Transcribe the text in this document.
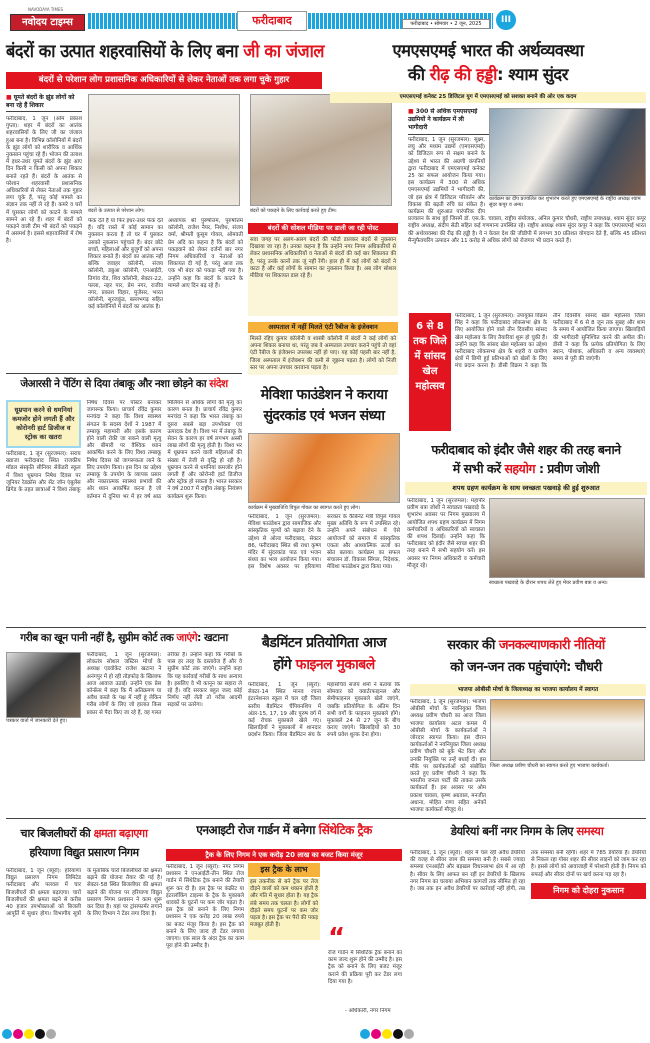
नवोदय टाइम्स
NAVODAYA TIMES
फरीदाबाद	फरीदाबाद • सोमवार • 2 जून, 2025	III
बंदरों का उत्पात शहरवासियों के लिए बना जी का जंजाल
बंदरों से परेशान लोग प्रशासनिक अधिकारियों से लेकर नेताओं तक लगा चुके गुहार
■ घूमते बंदरों के झुंड लोगों को बना रहे हैं शिकार
फरीदाबाद, 1 जून (ओम प्रकाश गुप्ता): शहर में बंदरों का आतंक शहरवासियों के लिए जी का जंजाल हुआ बना है। विभिन्न कॉलोनियों में बंदरों के झुंड लोगों को शारीरिक व आर्थिक नुकसान पहुंचा रहे हैं। भोजन की तलाश में इधर-उधर घूमते बंदरों के झुंड आए दिन किसी न किसी को अपना शिकार बनाते रहते हैं। बंदरों के आतंक से परेशान शहरवासी प्रशासनिक अधिकारियों से लेकर नेताओं तक गुहार लगा चुके हैं, परंतु कोई मामले का संज्ञान तक नहीं ले रहे हैं। कमरे व घरों में घुसकर लोगों को काटने के मामले सामने आ रहे हैं। शहर में बंदरों को पकड़ने वाली टीम भी बंदरों को पकड़ने में असमर्थ है। इससे शहरवासियों में रोष है।
बंदरों के उत्पात से परेशान लोग।	बंदरों को पकड़ने के लिए कार्रवाई करते हुए टीम।
फेंक देते हैं या फिर इधर-उधर फेंक देते हैं। यदि रास्ते में कोई सामान का नुकसान करता है तो घर में घुसकर उसको नुकसान पहुंचाते हैं। बंदर छोटे बच्चों, महिलाओं और बुजुर्गों को अपना शिकार बनाते हैं। बंदरों का आतंक नहीं बल्कि जवाहर कॉलोनी, संजय कॉलोनी, डबुआ कॉलोनी, एनआईटी, तिगांव रोड, शिव कॉलोनी, सेक्टर-22, पल्ला, नहर पार, प्रेम नगर, राजीव नगर, प्रकाश विहार, मुजेसर, भारत कॉलोनी, सूरजकुंड, बल्लभगढ़ सहित कई कॉलोनियों में बंदरों का आतंक है।
अध्यापक श्री पुरुषोत्तम, पुरुषोत्तम कॉलोनी, राजेश नैयर, निशीथ, संजय वर्मा, श्रीमती कुसुम गोयल, ओमवती प्रेम अदि का कहना है कि बंदरों को पकड़वाने को लेकर दर्जनों बार नगर निगम अधिकारियों व नेताओं को शिकायत दी गई है, परंतु आज तक एक भी बंदर को पकड़ा नहीं गया है। उन्होंने कहा कि बंदरों के काटने के मामले आए दिन बढ़ रहे हैं।
बंदरों की सोशल मीडिया पर डाली जा रही पोस्ट
सवा जगह पर अलग-अलग बंदरों की फोटो डालकर बंदरों से नुकसान दिखाया जा रहा है। उनका कहना है कि उन्होंने नगर निगम अधिकारियों से लेकर प्रशासनिक अधिकारियों व नेताओं से बंदरों की कई बार शिकायत की है, परंतु उनके कानों तक जूं नहीं रेंगी। हाल ही में कई लोगों को बंदरों ने काटा है और कई लोगों के सामान का नुकसान किया है। अब लोग सोशल मीडिया पर शिकायत डाल रहे हैं।
अस्पताल में नहीं मिलते एंटी रैबीज के इंजेक्शन
मिलते रहिए कुमार कॉलोनी व शास्त्री कॉलोनी में बंदरों ने कई लोगों को अपना शिकार बनाया था, परंतु जब वे अस्पताल उपचार कराने पहुंचे तो वहां एंटी रैबीज के इंजेक्शन उपलब्ध नहीं हो पाए। यह कोई पहली बार नहीं है, जिला अस्पताल में इंजेक्शन की कमी से जूझना पड़ता है। लोगों को निजी स्तर पर अपना उपचार करवाना पड़ता है।
एमएसएमई भारत की अर्थव्यवस्था
की रीढ़ की हड्डी: श्याम सुंदर
एमएसएमई कनेक्ट 25 डिजिटल युग में एमएसएमई को सशक्त बनाने की ओर एक कदम
कार्यक्रम का दीप प्रज्वलित कर शुभारंभ करते हुए एमएसएमई के राष्ट्रीय अध्यक्ष श्याम सुंदर कपूर व अन्य।
■ 300 से अधिक एमएसएमई उद्यमियों ने कार्यक्रम में ली भागीदारी
फरीदाबाद, 1 जून (सुरजमल): सूक्ष्म, लघु और मध्यम उद्यमों (एमएसएमई) को डिजिटल रूप से सक्षम बनाने के उद्देश्य से भारत की अग्रणी कंपनियों द्वारा फरीदाबाद में एमएसएमई कनेक्ट 25 का सफल आयोजन किया गया। इस कार्यक्रम में 300 से अधिक एमएसएमई उद्यमियों ने भागीदारी की, जो इस क्षेत्र में डिजिटल परिवर्तन और विकास की बढ़ती रुचि का संकेत है। कार्यक्रम की शुरुआत पारंपरिक दीप प्रज्वलन के साथ हुई जिसमें डॉ. एस.के. चावला, राष्ट्रीय संयोजक, अनिल कुमार चौधरी, राष्ट्रीय उपाध्यक्ष, श्याम सुंदर कपूर राष्ट्रीय अध्यक्ष, संदीप सेठी सहित कई गणमान्य उपस्थित रहे। राष्ट्रीय अध्यक्ष श्याम सुंदर कपूर ने कहा कि एमएसएमई भारत की अर्थव्यवस्था की रीढ़ की हड्डी है। ये न केवल देश की जीडीपी में लगभग 30 प्रतिशत योगदान देते हैं, बल्कि 45 प्रतिशत मैन्युफैक्चरिंग उत्पादन और 11 करोड़ से अधिक लोगों को रोजगार भी प्रदान करते हैं।
6 से 8 तक जिले में सांसद खेल महोत्सव
फरीदाबाद, 1 जून (सुरजमल): उपायुक्त विक्रम सिंह ने कहा कि फरीदाबाद लोकसभा क्षेत्र के लिए आयोजित होने वाले तीन दिवसीय सांसद खेल महोत्सव के लिए तैयारियां शुरू हो चुकी हैं। उन्होंने कहा कि सांसद खेल महोत्सव का उद्देश्य फरीदाबाद लोकसभा क्षेत्र के शहरी व ग्रामीण क्षेत्रों में छिपी हुई प्रतिभाओं को खेलों के लिए मंच प्रदान करना है। डीसी विक्रम ने कहा कि तीन दिवसीय सांसद खेल महोत्सव जिला फरीदाबाद में 6 से 8 जून तक सुबह और शाम के समय में आयोजित किया जाएगा। खिलाड़ियों की भागीदारी सुनिश्चित करने की अपील की। डीसी ने कहा कि प्रत्येक प्रतियोगिता के लिए स्थान, पोशाक, अधिकारी व अन्य व्यवस्थाएं समय से पूरी की जाएंगी।
फरीदाबाद को इंदौर जैसे शहर की तरह बनाने
में सभी करें सहयोग : प्रवीण जोशी
शपथ ग्रहण कार्यक्रम के साथ स्वच्छता पखवाड़े की हुई शुरुआत
फरीदाबाद, 1 जून (सुरजमल): महापौर प्रवीण बत्रा जोशी ने स्वच्छता पखवाड़े के शुभारंभ अवसर पर निगम मुख्यालय में आयोजित शपथ ग्रहण कार्यक्रम में निगम कर्मचारियों व अधिकारियों को स्वच्छता की शपथ दिलाई। उन्होंने कहा कि फरीदाबाद को इंदौर जैसे स्वच्छ शहर की तरह बनाने में सभी सहयोग करें। इस अवसर पर निगम अधिकारी व कर्मचारी मौजूद रहे।
स्वच्छता पखवाड़े के दौरान शपथ लेते हुए मेयर प्रवीण बत्रा व अन्य।
जेआरसी ने पेंटिंग से दिया तंबाकू और नशा छोड़ने का संदेश
धूम्रपान करने से धमनियां कमजोर होने लगती हैं और कोरोनरी हार्ट डिजीज व स्ट्रोक का खतरा
फरीदाबाद, 1 जून (सुरजमल): सराय ख्वाजा फरीदाबाद स्थित राजकीय मॉडल संस्कृति सीनियर सेकेंडरी स्कूल में विश्व धूम्रपान निषेध दिवस पर जूनियर रेडक्रॉस और सेंट जॉन एंबुलेंस ब्रिगेड के तहत छात्राओं ने विश्व तंबाकू निषेध दिवस पर पोस्टर बनाकर जागरूक किया। प्राचार्य रविंद्र कुमार मनचंदा ने कहा कि विश्व स्वास्थ्य संगठन के सदस्य देशों ने 1987 में तम्बाकू महामारी और इसके कारण होने वाली रोकी जा सकने वाली मृत्यु और बीमारी पर वैश्विक ध्यान आकर्षित करने के लिए विश्व तम्बाकू निषेध दिवस को जागरूकता लाने के लिए उपयोग किया। इस दिन का उद्देश्य तम्बाकू के उपयोग के व्यापक प्रसार और नकारात्मक स्वास्थ्य प्रभावों की ओर ध्यान आकर्षित करना है जो वर्तमान में दुनिया भर में हर वर्ष आठ मिलियन से अधिक लोगों की मृत्यु का कारण बनता है। प्राचार्य रविंद्र कुमार मनचंदा ने कहा कि भारत तंबाकू का दूसरा सबसे बड़ा उपभोक्ता एवं उत्पादक देश है। विश्व भर में तंबाकू के सेवन के कारण हर वर्ष लगभग अस्सी लाख लोगों की मृत्यु होती है। विश्व भर में धूम्रपान करने वाली महिलाओं की संख्या में तेजी से वृद्धि हो रही है। धूम्रपान करने से धमनियां कमजोर होने लगती हैं और कोरोनरी हार्ट डिजीज और स्ट्रोक हो सकता है। भारत सरकार ने वर्ष 2007 में राष्ट्रीय तंबाकू नियंत्रण कार्यक्रम शुरू किया।
मेविशा फाउंडेशन ने कराया सुंदरकांड एवं भजन संध्या
कार्यक्रम में मुख्यातिथि विपुल गोयल का स्वागत करते हुए लोग।
फरीदाबाद, 1 जून (सुरजमल): मेविशा फाउंडेशन द्वारा सामाजिक और सांस्कृतिक मूल्यों को बढ़ावा देने के उद्देश्य से ओल्ड फरीदाबाद, सेक्टर 86, फरीदाबाद स्थित श्री राधा कृष्ण मंदिर में सुंदरकांड पाठ एवं भजन संध्या का भव्य आयोजन किया गया। इस विशेष अवसर पर हरियाणा सरकार के कैबिनेट मंत्री विपुल गोयल मुख्य अतिथि के रूप में उपस्थित रहे। उन्होंने अपने संबोधन में ऐसे आयोजनों को समाज में सांस्कृतिक एकता और आध्यात्मिक ऊर्जा का स्रोत बताया। कार्यक्रम का सफल संचालन डॉ. विकास सिंगल, निदेशक, मेविशा फाउंडेशन द्वारा किया गया।
गरीब का खून पानी नहीं है, सुप्रीम कोर्ट तक जाएंगे: खटाना
पत्रकार वार्ता में जानकारी देते हुए।
फरीदाबाद, 1 जून (सुरजमल): लोकतंत्र सोशल जस्टिस मोर्चा के अध्यक्ष एडवोकेट राजेश खटाना ने अनंगपुर में हो रही तोड़फोड़ के खिलाफ आज आवाज उठाई। उन्होंने एक प्रेस कॉन्फ्रेंस में कहा कि मैं अतिक्रमण या अवैध कब्जे के पक्ष में नहीं हूं लेकिन गरीब लोगों के लिए जो हालात किस प्रकार से पैदा किए जा रहे हैं, वह गलत तरीका है। उन्होंने कहा कि गरीबों के पास हर तरह के दस्तावेज हैं और वे सुप्रीम कोर्ट तक जाएंगे। उन्होंने कहा कि यह कार्रवाई गरीबों के साथ अन्याय है। इसलिए वे भी कानून का सहारा ले रहे हैं। यदि सरकार बहुत जल्द कोई निर्णय नहीं लेती तो गरीब आदमी सड़कों पर उतरेगा।
बैडमिंटन प्रतियोगिता आज
होंगे फाइनल मुकाबले
फरीदाबाद, 1 जून (ब्यूरो): सेक्टर-14 स्थित मानव रचना इंटरनेशनल स्कूल में चल रही जिला स्तरीय बैडमिंटन चैंपियनशिप में अंडर-15, 17, 19 और पुरुष वर्ग में कई रोचक मुकाबले खेले गए। खिलाड़ियों ने मुकाबलों में शानदार प्रदर्शन किया। जिला बैडमिंटन संघ के महासचिव संजय शर्मा ने बताया कि सोमवार को क्वार्टरफाइनल और सेमीफाइनल मुकाबले खेले जाएंगे, जबकि प्रतियोगिता के अंतिम दिन सभी वर्गों के फाइनल मुकाबले होंगे। मुकाबले 24 से 27 जून के बीच कराए जाएंगे। खिलाड़ियों को 30 रुपये प्रवेश शुल्क देना होगा।
सरकार की जनकल्याणकारी नीतियों
को जन-जन तक पहुंचाएंगे: चौधरी
भाजपा ओबीसी मोर्चा के जिलाध्यक्ष का भाजपा कार्यालय में स्वागत
जिला अध्यक्ष प्रवीण चौधरी का स्वागत करते हुए भाजपा कार्यकर्ता।
फरीदाबाद, 1 जून (सुरजमल): भाजपा ओबीसी मोर्चा के नवनियुक्त जिला अध्यक्ष प्रवीण चौधरी का आज जिला भाजपा कार्यालय अटल कमल में ओबीसी मोर्चा के कार्यकर्ताओं ने जोरदार स्वागत किया। इस दौरान कार्यकर्ताओं ने नवनियुक्त जिला अध्यक्ष प्रवीण चौधरी को बुके भेंट किए और उनकी नियुक्ति पर उन्हें बधाई दी। इस मौके पर कार्यकर्ताओं को संबोधित करते हुए प्रवीण चौधरी ने कहा कि भारतीय जनता पार्टी की ताकत उसके कार्यकर्ता हैं। इस अवसर पर ओम प्रकाश चावला, कृष्ण अग्रवाल, मनजीत अधाना, मोहित राणा सहित अनेकों भाजपा कार्यकर्ता मौजूद थे।
चार बिजलीघरों की क्षमता बढ़ाएगा
हरियाणा विद्युत प्रसारण निगम
फरीदाबाद, 1 जून (ब्यूरो): हरियाणा विद्युत प्रसारण निगम लिमिटेड फरीदाबाद और पलवल में चार बिजलीघरों की क्षमता बढ़ाएगा। चारों बिजलीघरों की क्षमता बढ़ने से करीब 40 हजार उपभोक्ताओं को बिजली आपूर्ति में सुधार होगा। विभागीय सूत्रों के मुताबिक चारों बिजलीघरों की क्षमता बढ़ाने की योजना तैयार की गई है। सेक्टर-58 स्थित बिजलीघर की क्षमता बढ़ाने की योजना पर हरियाणा विद्युत प्रसारण निगम प्रशासन ने काम शुरू कर दिया है। यहां पर ट्रांसफार्मर लगाने के लिए विभाग ने टेंडर लगा दिया है।
एनआइटी रोज गार्डन में बनेगा सिंथेटिक ट्रैक
ट्रैक के लिए निगम ने एक करोड़ 20 लाख का बजट किया मंजूर
फरीदाबाद, 1 जून (ब्यूरो): नगर निगम प्रशासन ने एनआईटी-तीन स्थित रोज गार्डन में सिंथेटिक ट्रैक बनाने की तैयारी शुरू कर दी है। इस ट्रैक पर कंक्रीट या इंटरलॉकिंग टाइल्स के ट्रैक के मुकाबले धावकों के घुटनों पर कम जोर पड़ता है। इस ट्रैक को बनाने के लिए निगम प्रशासन ने एक करोड़ 20 लाख रुपये का बजट मंजूर किया है। इस ट्रैक को बनाने के लिए जल्द ही टेंडर लगाया जाएगा। एक साल के अंदर ट्रैक का काम पूरा होने की उम्मीद है।
इस ट्रैक के लाभ
इस तकनीक से बने ट्रैक पर तेज दौड़ने वालों को कम थकान होती है और गति में सुधार होता है। यह ट्रैक लंबे समय तक चलता है। लोगों को दौड़ते समय घुटनों पर कम जोर पड़ता है। इस ट्रैक पर पैरों की पकड़ मजबूत होती है।	“
रोज गार्डन में सिंथेटिक ट्रैक बनाने का काम जल्द शुरू होने की उम्मीद है। इस ट्रैक को बनाने के लिए बजट मंजूर कराने की प्रक्रिया पूरी कर टेंडर लगा दिया गया है।
- अधिकारी, नगर निगम
डेयरियां बनीं नगर निगम के लिए समस्या
फरीदाबाद, 1 जून (ब्यूरो): शहर में चल रहीं अवैध डेयरियों की वजह से सीवर जाम की समस्या बनी है। सबसे ज्यादा समस्या एनआईटी और बड़खल विधानसभा क्षेत्र में आ रही है। सीवर के लिए आफत बन रहीं इन डेयरियों के खिलाफ नगर निगम का चलाया अभियान कागजों तक सीमित हो रहा है। जब तक इन अवैध डेयरियों पर कार्रवाई नहीं होगी, तब तक समस्या बनी रहेगी। शहर में 785 डेयरियां हैं। डेयरियों से निकल रहा गोबर शहर की सीवर लाइनों को जाम कर रहा है। इससे लोगों को आवाजाही में परेशानी होती है। निगम को सफाई और सीवर दोनों पर खर्च करना पड़ रहा है।
निगम को दोहरा नुकसान
